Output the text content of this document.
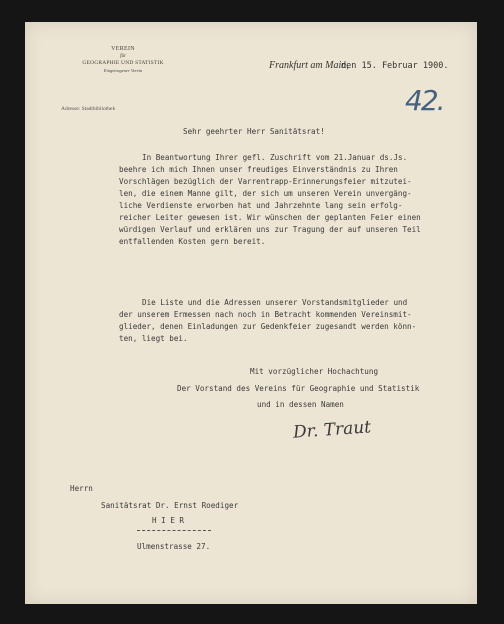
VEREIN
für
GEOGRAPHIE UND STATISTIK
Eingetragener Verein
Adresse: Stadtbibliothek
Frankfurt am Main,
den 15. Februar 1900.
42.
Sehr geehrter Herr Sanitätsrat!
In Beantwortung Ihrer gefl. Zuschrift vom 21.Januar ds.Js.
beehre ich mich Ihnen unser freudiges Einverständnis zu Ihren
Vorschlägen bezüglich der Varrentrapp-Erinnerungsfeier mitzutei-
len, die einem Manne gilt, der sich um unseren Verein unvergäng-
liche Verdienste erworben hat und Jahrzehnte lang sein erfolg-
reicher Leiter gewesen ist. Wir wünschen der geplanten Feier einen
würdigen Verlauf und erklären uns zur Tragung der auf unseren Teil
entfallenden Kosten gern bereit.
Die Liste und die Adressen unserer Vorstandsmitglieder und
der unserem Ermessen nach noch in Betracht kommenden Vereinsmit-
glieder, denen Einladungen zur Gedenkfeier zugesandt werden könn-
ten, liegt bei.
Mit vorzüglicher Hochachtung
Der Vorstand des Vereins für Geographie und Statistik
und in dessen Namen
Dr. Traut
Herrn
Sanitätsrat Dr. Ernst Roediger
H I E R
Ulmenstrasse 27.
